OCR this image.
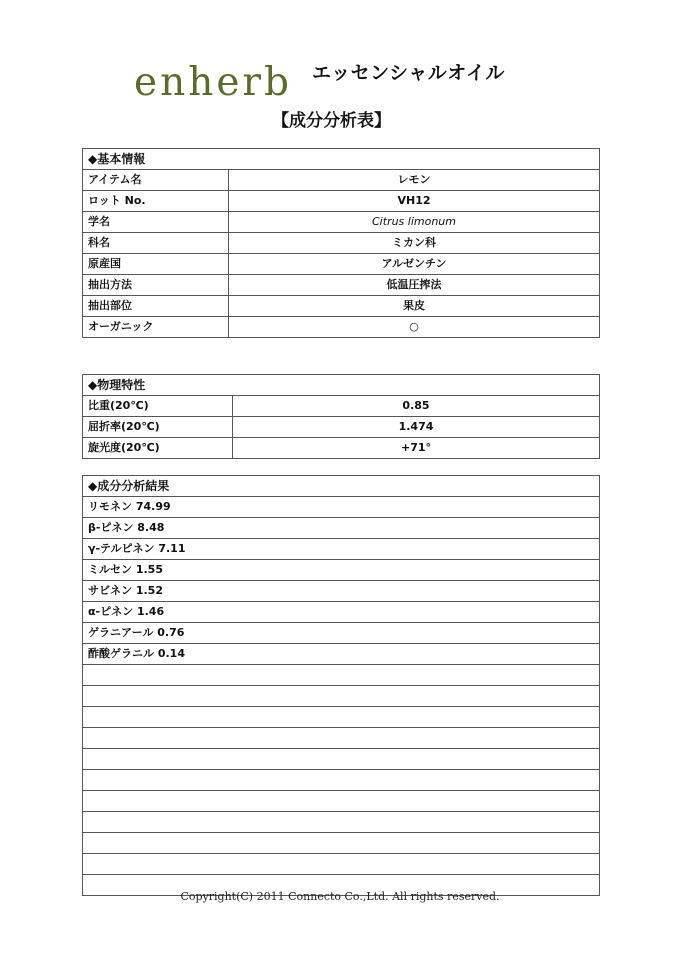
enherb エッセンシャルオイル
【成分分析表】
◆基本情報	
アイテム名	レモン
ロット No.	VH12
学名	Citrus limonum
科名	ミカン科
原産国	アルゼンチン
抽出方法	低温圧搾法
抽出部位	果皮
オーガニック	○
◆物理特性	
比重(20℃)	0.85
屈折率(20℃)	1.474
旋光度(20℃)	+71°
◆成分分析結果
リモネン 74.99
β-ピネン 8.48
γ-テルピネン 7.11
ミルセン 1.55
サビネン 1.52
α-ピネン 1.46
ゲラニアール 0.76
酢酸ゲラニル 0.14

Copyright(C) 2011 Connecto Co.,Ltd. All rights reserved.
